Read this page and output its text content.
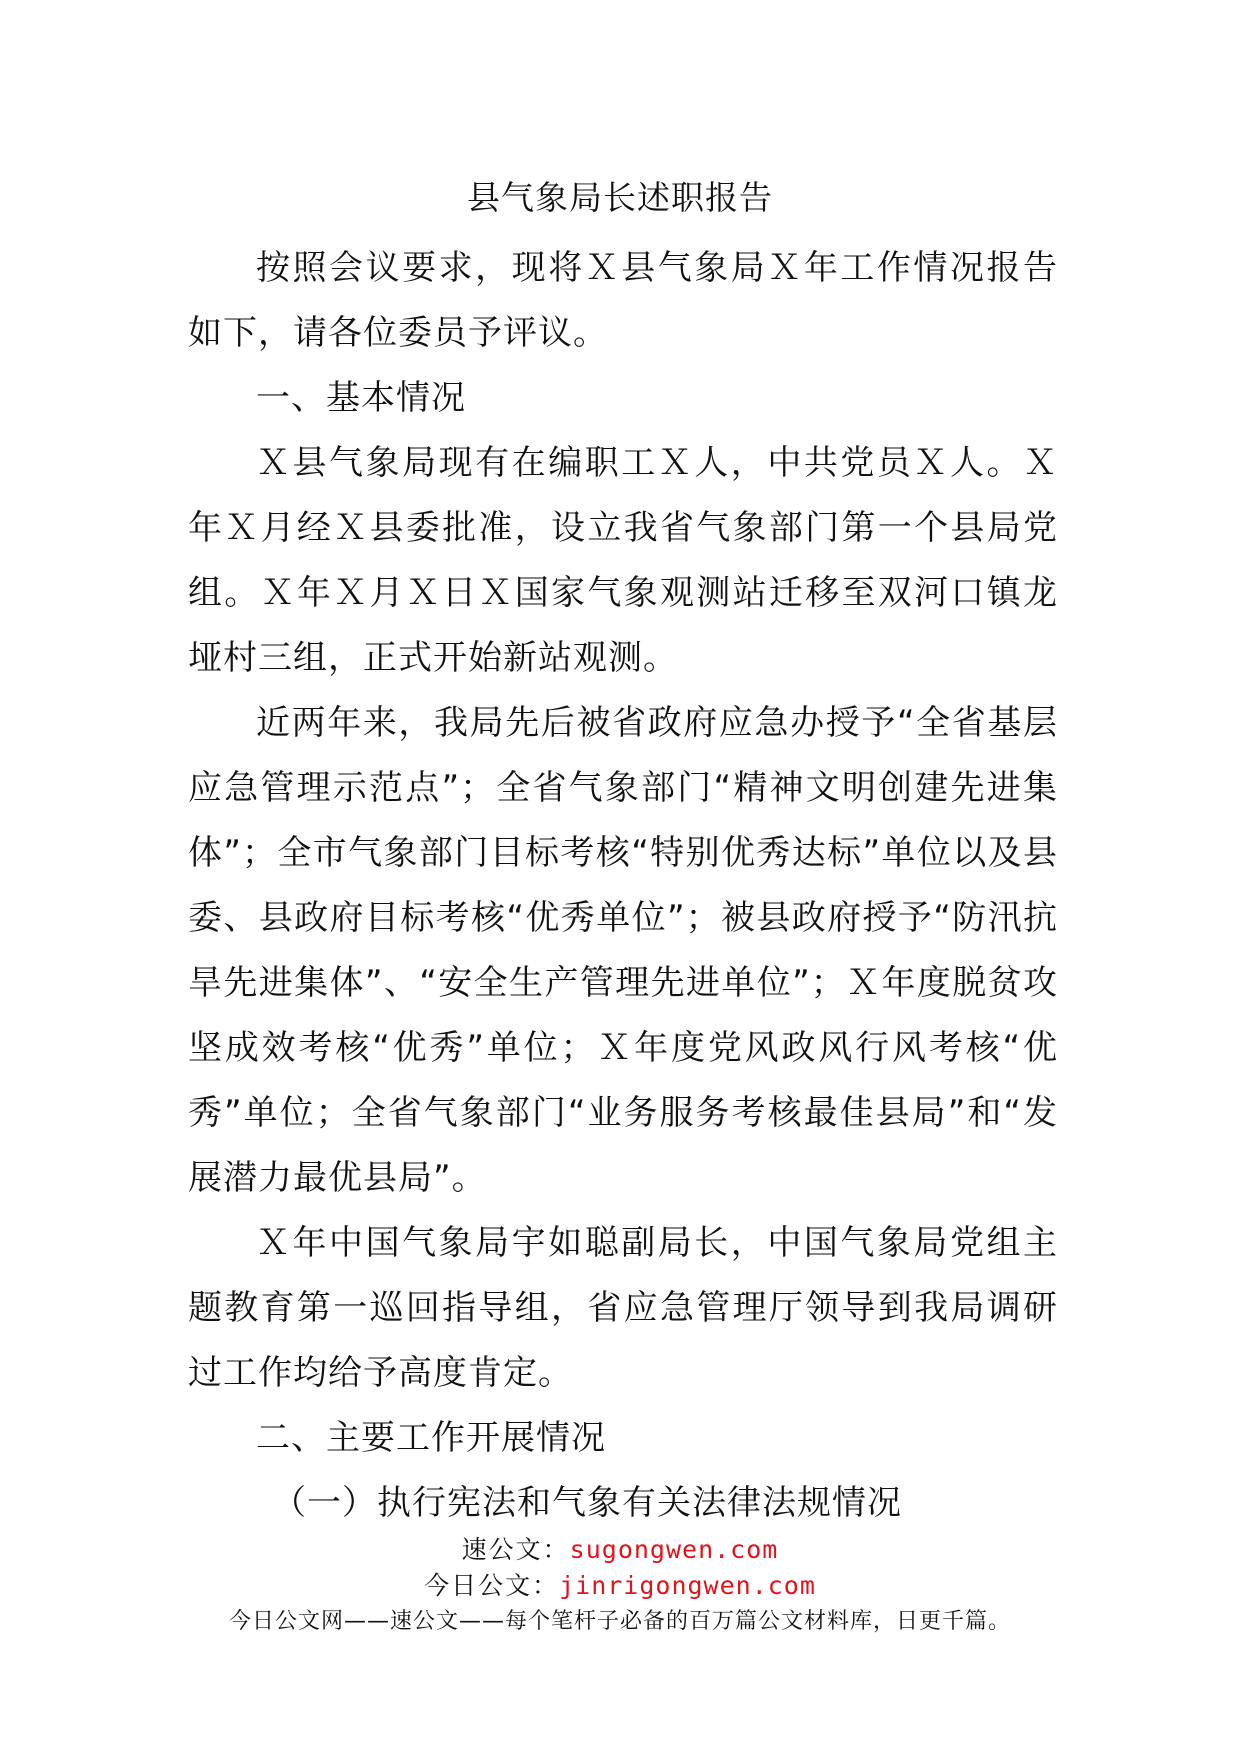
县气象局长述职报告

按照会议要求，现将Ｘ县气象局Ｘ年工作情况报告如下，请各位委员予评议。

一、基本情况

Ｘ县气象局现有在编职工Ｘ人，中共党员Ｘ人。Ｘ年Ｘ月经Ｘ县委批准，设立我省气象部门第一个县局党组。Ｘ年Ｘ月Ｘ日Ｘ国家气象观测站迁移至双河口镇龙垭村三组，正式开始新站观测。

近两年来，我局先后被省政府应急办授予“全省基层应急管理示范点”；全省气象部门“精神文明创建先进集体”；全市气象部门目标考核“特别优秀达标”单位以及县委、县政府目标考核“优秀单位”；被县政府授予“防汛抗旱先进集体”、“安全生产管理先进单位”；Ｘ年度脱贫攻坚成效考核“优秀”单位；Ｘ年度党风政风行风考核“优秀”单位；全省气象部门“业务服务考核最佳县局”和“发展潜力最优县局”。

Ｘ年中国气象局宇如聪副局长，中国气象局党组主题教育第一巡回指导组，省应急管理厅领导到我局调研过工作均给予高度肯定。

二、主要工作开展情况

（一）执行宪法和气象有关法律法规情况

速公文：sugongwen.com
今日公文：jinrigongwen.com
今日公文网——速公文——每个笔杆子必备的百万篇公文材料库，日更千篇。
